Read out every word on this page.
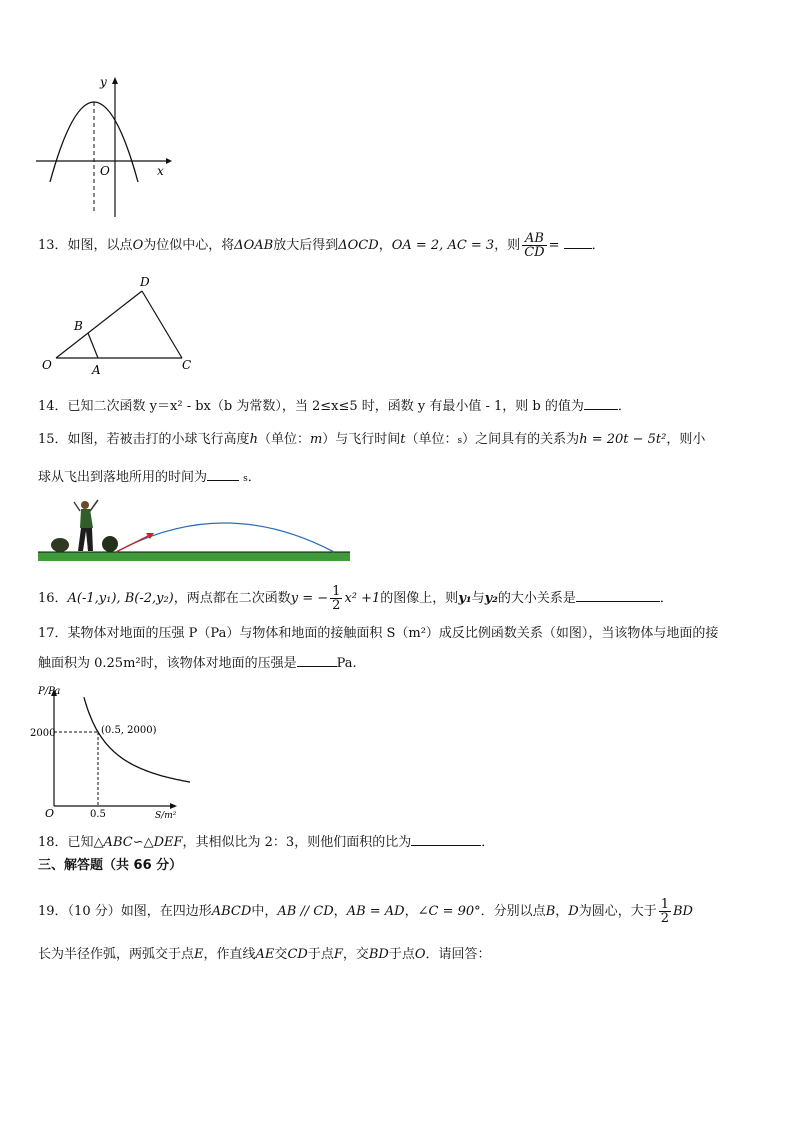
y
x
O
13．如图，以点O为位似中心，将ΔOAB放大后得到ΔOCD，OA = 2, AC = 3，则 $\frac{AB}{CD}$ = ．
D
B
O	A	C
14．已知二次函数 y＝x² - bx（b 为常数），当 2≤x≤5 时，函数 y 有最小值 - 1，则 b 的值为	．
15．如图，若被击打的小球飞行高度h（单位：m）与飞行时间t（单位：s）之间具有的关系为h = 20t − 5t²，则小
球从飞出到落地所用的时间为	s．
16．A(-1,y₁), B(-2,y₂)，两点都在二次函数y = − $\frac{1}{2} x^2 +1$的图像上，则y₁与y₂的大小关系是	．
17．某物体对地面的压强 P（Pa）与物体和地面的接触面积 S（m²）成反比例函数关系（如图），当该物体与地面的接
触面积为 0.25m²时，该物体对地面的压强是	Pa.
P/Pa
S/m²
2000
0.5
(0.5, 2000)
O
18．已知△ABC∽△DEF，其相似比为 2：3，则他们面积的比为	．
三、解答题（共 66 分）
19．（10 分）如图，在四边形ABCD中，AB // CD，AB = AD，∠C = 90°．分别以点B，D为圆心，大于 $\frac{1}{2}$ BD
长为半径作弧，两弧交于点E，作直线AE交CD于点F，交BD于点O．请回答：
